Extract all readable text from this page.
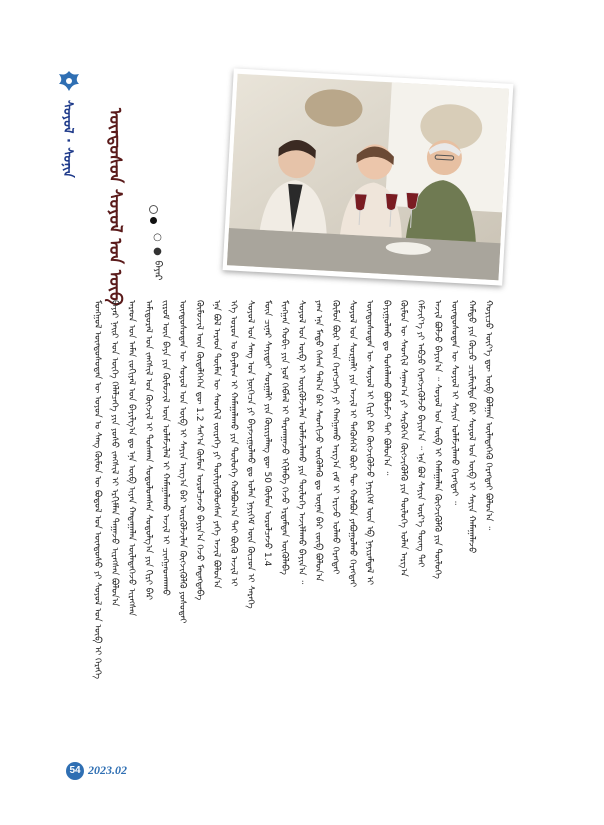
ᠰᠣᠶᠣᠯ · ᠰᠣᠨᠢᠨ ᠦᠨᠳᠦᠰᠦᠨ ᠰᠤᠶᠤᠯ ᠤᠨ ᠦᠪ	○ ● ᠪᠠᠶᠠᠷ
ᠮᠣᠩᠭᠣᠯ ᠦᠨᠳᠦᠰᠦᠲᠡᠨ ᠦ ᠣᠶᠤᠨ ᠤ ᠰᠠᠩ ᠬᠥᠮᠦᠨ ᠦ ᠪᠣᠳᠤᠯ ᠤᠨ ᠦᠨᠳᠦᠰᠦ ᠶᠢ ᠰᠣᠶᠣᠯ ᠤᠨ ᠦᠪ ᠢ ᠭᠡᠷᠡᠭᠡ ᠪᠠᠶᠠᠷ ᠨᠠᠢᠷ ᠤᠨ ᠦᠭᠡ ᠬᠡᠯᠡᠯᠴᠡᠭᠡ ᠶᠢᠨ ᠶᠣᠰᠣ ᠵᠠᠩᠱᠢᠯ ᠢ ᠡᠷᠬᠢᠮᠯᠡᠨ ᠳᠠᠭᠠᠵᠤ ᠢᠷᠡᠭᠰᠡᠨ ᠪᠣᠯᠤᠨ᠎ᠠ ᠠᠷᠠᠳ ᠤᠨ ᠠᠮᠠᠨ ᠵᠣᠬᠢᠶᠠᠯ ᠤᠨ ᠪᠠᠶᠢᠯᠭ᠎ᠠ ᠳᠤ ᠡᠨᠡ ᠦᠪ ᠢᠶᠡᠨ ᠬᠠᠳᠠᠭᠠᠯᠠᠨ ᠦᠯᠡᠳᠡᠭᠡᠵᠦ ᠢᠷᠡᠭᠰᠡᠨ ᠠᠮᠢᠳᠤᠷᠠᠯ ᠤᠨ ᠵᠠᠩᠱᠢᠯ ᠤᠨ ᠬᠥᠭᠵᠢᠯ ᠢ ᠲᠤᠰᠬᠠᠨ ᠰᠤᠳᠤᠯᠤᠭᠰᠠᠨ ᠰᠤᠳᠤᠯᠭ᠎ᠠ ᠶᠢᠨ ᠬᠢᠷᠢ ᠪᠡᠷ ᠵᠢᠷᠤᠮ ᠦᠨ ᠪᠡᠶᠡ ᠶᠢᠨ ᠬᠦᠮᠦᠵᠢᠯ ᠦᠨ ᠤᠯᠠᠮᠵᠢᠯᠠᠯ ᠢ ᠬᠠᠮᠠᠭᠠᠯᠠᠬᠤ ᠠᠵᠢᠯ ᠢ ᠴᠢᠩᠭᠠᠳᠬᠠᠬᠤ ᠦᠨᠳᠦᠰᠦᠲᠡᠨ ᠦ ᠰᠤᠶᠤᠯ ᠤᠨ ᠦᠪ ᠢ ᠰᠠᠶᠢᠨ ᠠᠷᠭ᠎ᠠ ᠪᠠᠷ ᠦᠷᠭᠦᠯᠵᠢᠯᠡᠨ ᠬᠥᠭᠵᠢᠭᠦᠯᠬᠦ ᠶᠣᠰᠣᠲᠠᠢ ᠬᠦᠮᠦᠵᠢᠯ ᠦᠨ ᠬᠥᠳᠡᠯᠭᠡᠭᠡᠨ ᠳᠦ 1.2 ᠰᠠᠶ᠎ᠠ ᠬᠦᠮᠦᠨ ᠣᠷᠣᠯᠴᠠᠵᠤ ᠪᠠᠶᠢᠨ᠎ᠠ ᠭᠡᠵᠦ ᠮᠡᠳᠡᠭᠳᠡᠪᠡ ᠡᠨᠡ ᠪᠣᠯ ᠠᠷᠠᠳ ᠲᠦᠮᠡᠨ ᠦ ᠰᠡᠳᠬᠢᠯ ᠵᠦᠷᠡᠭᠡ ᠶᠢ ᠳᠦᠯᠢᠶᠡᠬᠦᠯᠦᠭᠰᠡᠨ ᠶᠡᠬᠡ ᠠᠵᠢᠯ ᠪᠣᠯᠤᠨ᠎ᠠ ᠡᠬᠡ ᠣᠷᠣᠨ ᠤ ᠪᠠᠶᠠᠯᠢᠭ ᠢ ᠬᠠᠮᠠᠭᠠᠯᠠᠬᠤ ᠶᠢᠨ ᠲᠥᠯᠥᠭᠡ ᠬᠣᠯᠪᠣᠭ᠎ᠠ ᠲᠠᠢ ᠪᠦᠬᠦ ᠠᠵᠢᠯ ᠢ ᠰᠤᠶᠤᠯ ᠤᠨ ᠰᠠᠩ ᠤᠨ ᠨᠥᠭᠡᠴᠡ ᠶᠢ ᠪᠠᠶᠠᠵᠢᠭᠤᠯᠬᠤ ᠳᠤ ᠣᠯᠠᠨ ᠨᠡᠶᠢᠭᠡᠮ ᠦᠨ ᠬᠦᠴᠦᠨ ᠢ ᠰᠡᠷᠡᠭᠡ ᠮᠥᠨ ᠴᠢᠨᠠᠷ ᠰᠠᠶᠢᠲᠠᠢ ᠰᠤᠷᠭᠠᠯᠢ ᠶᠢᠨ ᠬᠦᠷᠢᠶᠡᠯᠡᠩ ᠳᠦ 50 ᠬᠦᠮᠦᠨ ᠣᠷᠣᠯᠴᠠᠵᠤ 1.4 ᠮᠢᠩᠭᠠᠨ ᠬᠤᠪᠢ ᠶᠢᠨ ᠨᠣᠮ ᠬᠡᠪᠯᠡᠯ ᠢ ᠲᠠᠷᠬᠠᠭᠠᠵᠤ ᠡᠬᠢᠯᠡᠪᠡ ᠭᠡᠵᠦ ᠡᠷᠳᠡᠮᠲᠡᠨ ᠦᠭᠦᠯᠡᠪᠡ ᠰᠣᠶᠣᠯ ᠤᠨ ᠦᠪ ᠢ ᠦᠷᠭᠦᠯᠵᠢᠯᠡᠨ ᠤᠯᠠᠮᠵᠢᠯᠠᠬᠤ ᠶᠢᠨ ᠲᠥᠯᠥᠭᠡ ᠠᠵᠢᠯᠯᠠᠬᠤ ᠪᠠᠶᠢᠨ᠎ᠠ ᠃ ᠶᠠᠭ ᠡᠨᠡ ᠮᠡᠲᠦ ᠭᠡᠰᠡᠨ ᠲᠠᠯ᠎ᠠ ᠪᠠᠷ ᠰᠡᠳᠬᠢᠵᠦ ᠥᠭᠦᠯᠡᠬᠦ ᠳᠤ ᠦᠨᠡᠨ ᠪᠡᠷ ᠵᠥᠪ ᠪᠣᠯᠤᠨ᠎ᠠ ᠬᠦᠮᠦᠨ ᠪᠦᠷ ᠦᠨ ᠬᠡᠷᠡᠭᠴᠡᠭᠡ ᠶᠢ ᠬᠠᠩᠭᠠᠬᠤ ᠠᠷᠭ᠎ᠠ ᠵᠠᠮ ᠢ ᠡᠷᠢᠵᠦ ᠣᠯᠬᠤ ᠬᠡᠷᠡᠭᠲᠡᠢ ᠰᠣᠶᠣᠯ ᠤᠨ ᠰᠤᠷᠭᠠᠯᠢ ᠶᠢᠨ ᠠᠵᠢᠯ ᠢ ᠲᠡᠭᠦᠰᠭᠡᠯ ᠪᠦᠷ ᠲᠦ ᠬᠣᠯᠪᠣᠨ ᠶᠠᠪᠤᠭᠤᠯᠬᠤ ᠬᠡᠷᠡᠭᠲᠡᠢ ᠦᠨᠳᠦᠰᠦᠲᠡᠨ ᠦ ᠰᠤᠶᠤᠯ ᠢ ᠬᠢᠷᠢ ᠪᠡᠷ ᠬᠥᠭᠵᠢᠭᠦᠯᠵᠦ ᠨᠡᠶᠢᠭᠡᠮ ᠦᠨ ᠡᠪ ᠨᠠᠶᠢᠷᠠᠮᠳᠠᠯ ᠢ ᠪᠠᠶᠢᠭᠤᠯᠬᠤ ᠳᠤ ᠲᠤᠰᠠᠯᠠᠬᠤ ᠪᠣᠯᠤᠮᠵᠢ ᠲᠠᠢ ᠪᠣᠯᠤᠨ᠎ᠠ ᠃ ᠬᠦᠮᠦᠨ ᠦ ᠰᠡᠳᠬᠢᠯ ᠰᠠᠨᠠᠭ᠎ᠠ ᠶᠢ ᠰᠡᠷᠭᠦᠭᠡᠨ ᠬᠥᠭᠵᠢᠭᠦᠯᠬᠦ ᠶᠢᠨ ᠲᠥᠯᠥᠭᠡ ᠣᠯᠠᠨ ᠠᠷᠭ᠎ᠠ ᠬᠡᠮᠵᠢᠶ᠎ᠡ ᠶᠢ ᠠᠪᠴᠤ ᠬᠡᠷᠡᠭᠵᠢᠭᠦᠯᠵᠦ ᠪᠠᠶᠢᠨ᠎ᠠ ᠃ ᠡᠨᠡ ᠪᠣᠯ ᠰᠠᠶᠢᠨ ᠦᠷ᠎ᠡ ᠳᠦᠩ ᠲᠡᠢ ᠠᠵᠢᠯ ᠪᠣᠯᠵᠤ ᠪᠠᠶᠢᠨ᠎ᠠ ᠃ ᠰᠣᠶᠣᠯ ᠤᠨ ᠦᠪ ᠢ ᠬᠠᠮᠠᠭᠠᠯᠠᠨ ᠬᠥᠭᠵᠢᠭᠦᠯᠬᠦ ᠶᠢᠨ ᠲᠥᠯᠥᠭᠡ ᠦᠨᠳᠦᠰᠦᠲᠡᠨ ᠦ ᠰᠣᠶᠣᠯ ᠢ ᠰᠠᠶᠢᠨ ᠤᠯᠠᠮᠵᠢᠯᠠᠬᠤ ᠬᠡᠷᠡᠭᠲᠡᠢ ᠃ ᠬᠠᠮᠲᠤ ᠶᠢᠨ ᠬᠦᠴᠦ ᠴᠢᠷᠮᠠᠢᠯᠲᠠ ᠪᠡᠷ ᠰᠣᠶᠣᠯ ᠤᠨ ᠦᠪ ᠢ ᠰᠠᠶᠢᠨ ᠬᠠᠮᠠᠭᠠᠯᠠᠵᠤ ᠬᠣᠶᠢᠴᠤ ᠦᠶ᠎ᠡ ᠳᠦ ᠥᠪ ᠪᠣᠯᠭᠠᠨ ᠦᠯᠡᠳᠡᠭᠡᠬᠦ ᠬᠡᠷᠡᠭᠲᠡᠢ ᠪᠣᠯᠤᠨ᠎ᠠ ᠃
54 2023.02
